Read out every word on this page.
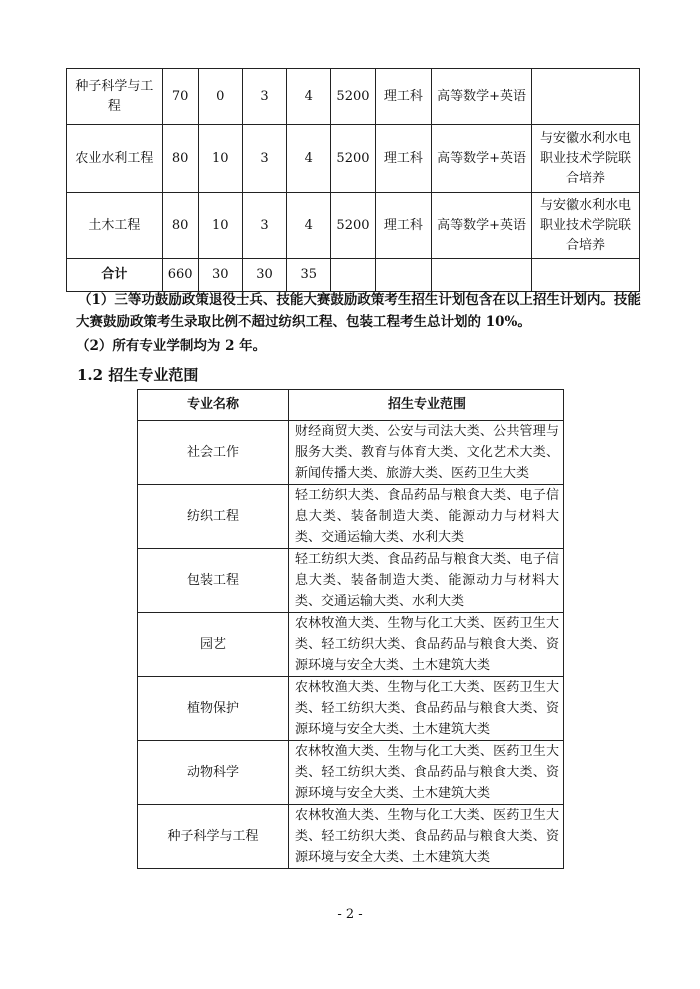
种子科学与工程	70	0	3	4	5200	理工科	高等数学+英语	
农业水利工程	80	10	3	4	5200	理工科	高等数学+英语	与安徽水利水电职业技术学院联合培养
土木工程	80	10	3	4	5200	理工科	高等数学+英语	与安徽水利水电职业技术学院联合培养
合计	660	30	30	35				
（1）三等功鼓励政策退役士兵、技能大赛鼓励政策考生招生计划包含在以上招生计划内。技能大赛鼓励政策考生录取比例不超过纺织工程、包装工程考生总计划的 10%。
（2）所有专业学制均为 2 年。
1.2 招生专业范围
专业名称	招生专业范围
社会工作	财经商贸大类、公安与司法大类、公共管理与服务大类、教育与体育大类、文化艺术大类、新闻传播大类、旅游大类、医药卫生大类
纺织工程	轻工纺织大类、食品药品与粮食大类、电子信息大类、装备制造大类、能源动力与材料大类、交通运输大类、水利大类
包装工程	轻工纺织大类、食品药品与粮食大类、电子信息大类、装备制造大类、能源动力与材料大类、交通运输大类、水利大类
园艺	农林牧渔大类、生物与化工大类、医药卫生大类、轻工纺织大类、食品药品与粮食大类、资源环境与安全大类、土木建筑大类
植物保护	农林牧渔大类、生物与化工大类、医药卫生大类、轻工纺织大类、食品药品与粮食大类、资源环境与安全大类、土木建筑大类
动物科学	农林牧渔大类、生物与化工大类、医药卫生大类、轻工纺织大类、食品药品与粮食大类、资源环境与安全大类、土木建筑大类
种子科学与工程	农林牧渔大类、生物与化工大类、医药卫生大类、轻工纺织大类、食品药品与粮食大类、资源环境与安全大类、土木建筑大类
- 2 -
